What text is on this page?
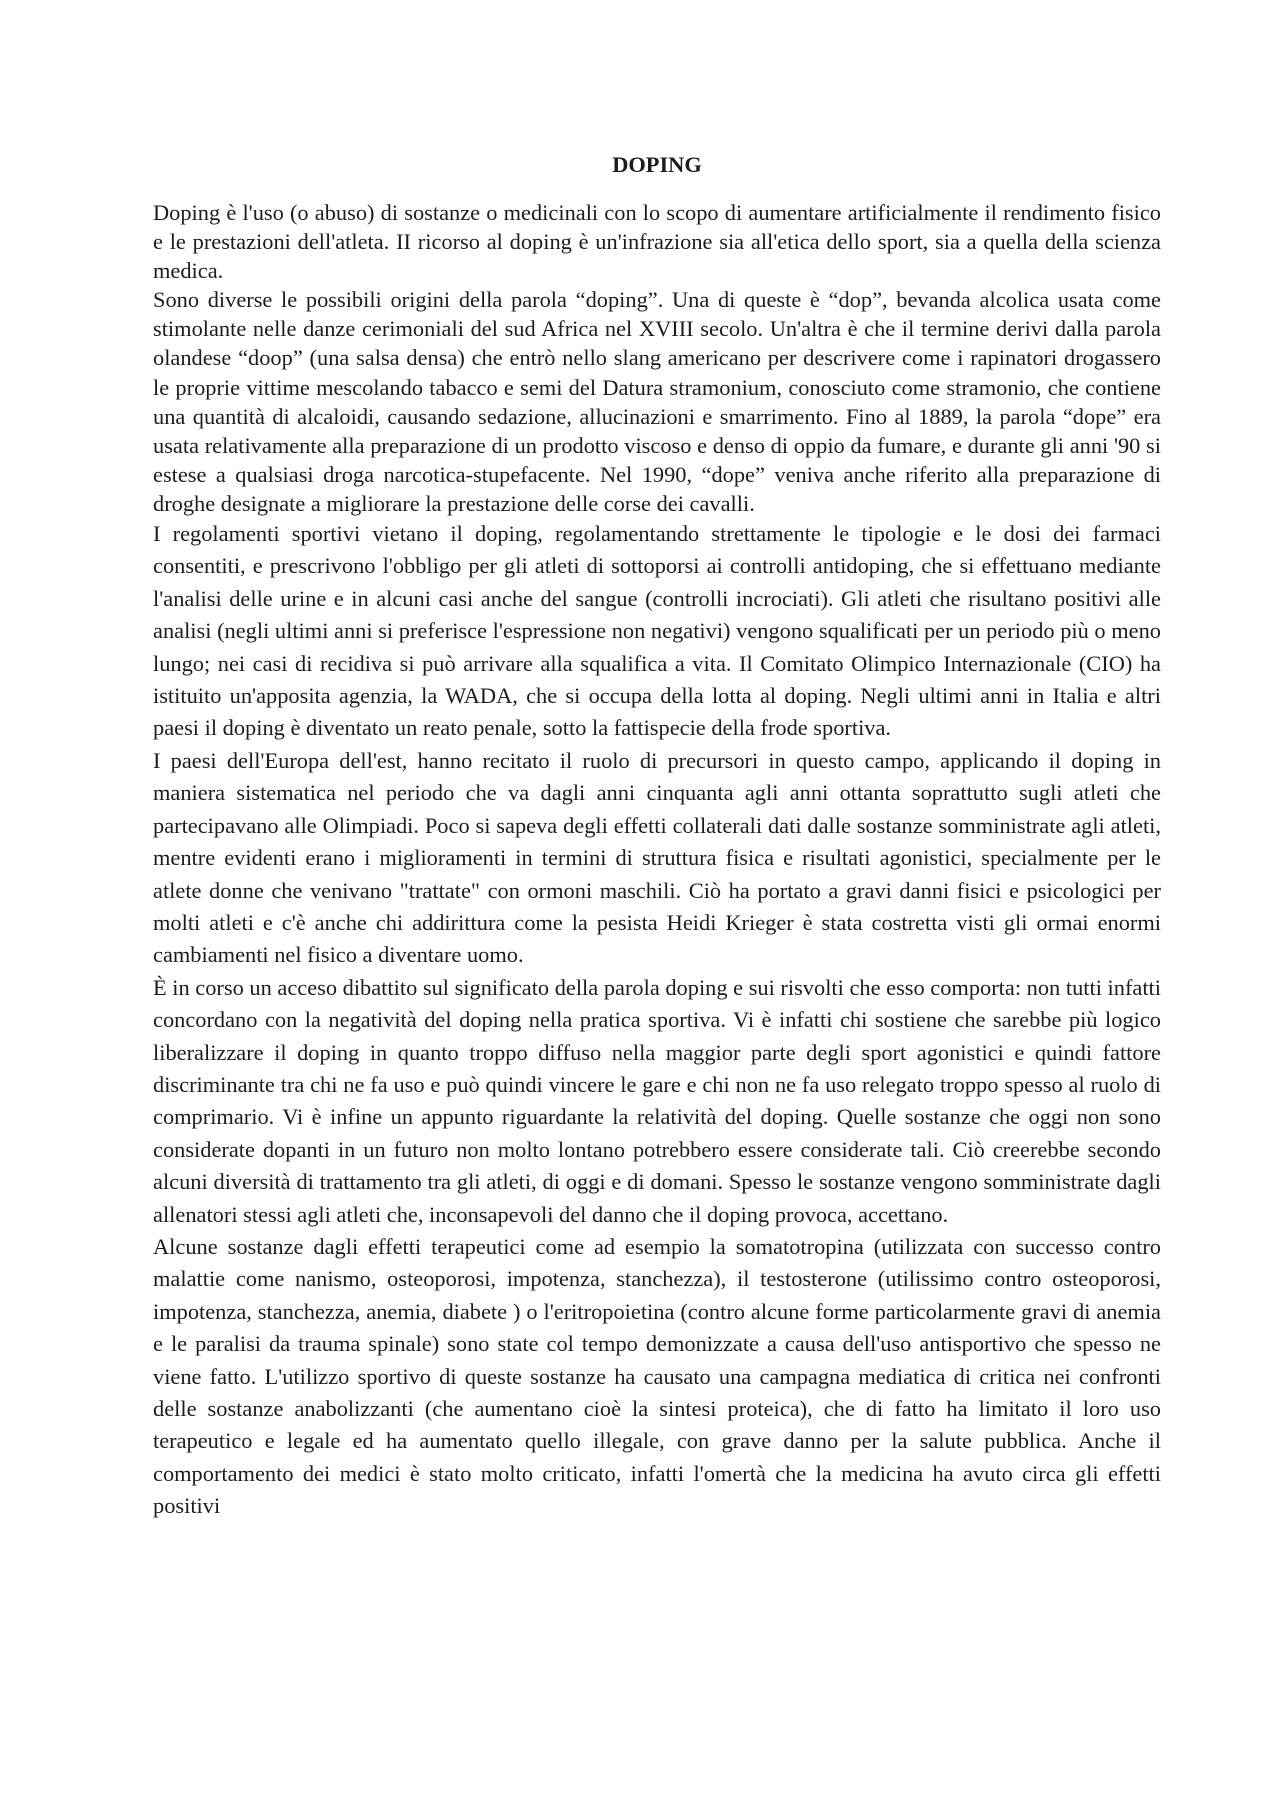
DOPING

Doping è l'uso (o abuso) di sostanze o medicinali con lo scopo di aumentare artificialmente il rendimento fisico e le prestazioni dell'atleta. II ricorso al doping è un'infrazione sia all'etica dello sport, sia a quella della scienza medica.

Sono diverse le possibili origini della parola “doping”. Una di queste è “dop”, bevanda alcolica usata come stimolante nelle danze cerimoniali del sud Africa nel XVIII secolo. Un'altra è che il termine derivi dalla parola olandese “doop” (una salsa densa) che entrò nello slang americano per descrivere come i rapinatori drogassero le proprie vittime mescolando tabacco e semi del Datura stramonium, conosciuto come stramonio, che contiene una quantità di alcaloidi, causando sedazione, allucinazioni e smarrimento. Fino al 1889, la parola “dope” era usata relativamente alla preparazione di un prodotto viscoso e denso di oppio da fumare, e durante gli anni '90 si estese a qualsiasi droga narcotica-stupefacente. Nel 1990, “dope” veniva anche riferito alla preparazione di droghe designate a migliorare la prestazione delle corse dei cavalli.

I regolamenti sportivi vietano il doping, regolamentando strettamente le tipologie e le dosi dei farmaci consentiti, e prescrivono l'obbligo per gli atleti di sottoporsi ai controlli antidoping, che si effettuano mediante l'analisi delle urine e in alcuni casi anche del sangue (controlli incrociati). Gli atleti che risultano positivi alle analisi (negli ultimi anni si preferisce l'espressione non negativi) vengono squalificati per un periodo più o meno lungo; nei casi di recidiva si può arrivare alla squalifica a vita. Il Comitato Olimpico Internazionale (CIO) ha istituito un'apposita agenzia, la WADA, che si occupa della lotta al doping. Negli ultimi anni in Italia e altri paesi il doping è diventato un reato penale, sotto la fattispecie della frode sportiva.

I paesi dell'Europa dell'est, hanno recitato il ruolo di precursori in questo campo, applicando il doping in maniera sistematica nel periodo che va dagli anni cinquanta agli anni ottanta soprattutto sugli atleti che partecipavano alle Olimpiadi. Poco si sapeva degli effetti collaterali dati dalle sostanze somministrate agli atleti, mentre evidenti erano i miglioramenti in termini di struttura fisica e risultati agonistici, specialmente per le atlete donne che venivano "trattate" con ormoni maschili. Ciò ha portato a gravi danni fisici e psicologici per molti atleti e c'è anche chi addirittura come la pesista Heidi Krieger è stata costretta visti gli ormai enormi cambiamenti nel fisico a diventare uomo.

È in corso un acceso dibattito sul significato della parola doping e sui risvolti che esso comporta: non tutti infatti concordano con la negatività del doping nella pratica sportiva. Vi è infatti chi sostiene che sarebbe più logico liberalizzare il doping in quanto troppo diffuso nella maggior parte degli sport agonistici e quindi fattore discriminante tra chi ne fa uso e può quindi vincere le gare e chi non ne fa uso relegato troppo spesso al ruolo di comprimario. Vi è infine un appunto riguardante la relatività del doping. Quelle sostanze che oggi non sono considerate dopanti in un futuro non molto lontano potrebbero essere considerate tali. Ciò creerebbe secondo alcuni diversità di trattamento tra gli atleti, di oggi e di domani. Spesso le sostanze vengono somministrate dagli allenatori stessi agli atleti che, inconsapevoli del danno che il doping provoca, accettano.

Alcune sostanze dagli effetti terapeutici come ad esempio la somatotropina (utilizzata con successo contro malattie come nanismo, osteoporosi, impotenza, stanchezza), il testosterone (utilissimo contro osteoporosi, impotenza, stanchezza, anemia, diabete ) o l'eritropoietina (contro alcune forme particolarmente gravi di anemia e le paralisi da trauma spinale) sono state col tempo demonizzate a causa dell'uso antisportivo che spesso ne viene fatto. L'utilizzo sportivo di queste sostanze ha causato una campagna mediatica di critica nei confronti delle sostanze anabolizzanti (che aumentano cioè la sintesi proteica), che di fatto ha limitato il loro uso terapeutico e legale ed ha aumentato quello illegale, con grave danno per la salute pubblica. Anche il comportamento dei medici è stato molto criticato, infatti l'omertà che la medicina ha avuto circa gli effetti positivi
